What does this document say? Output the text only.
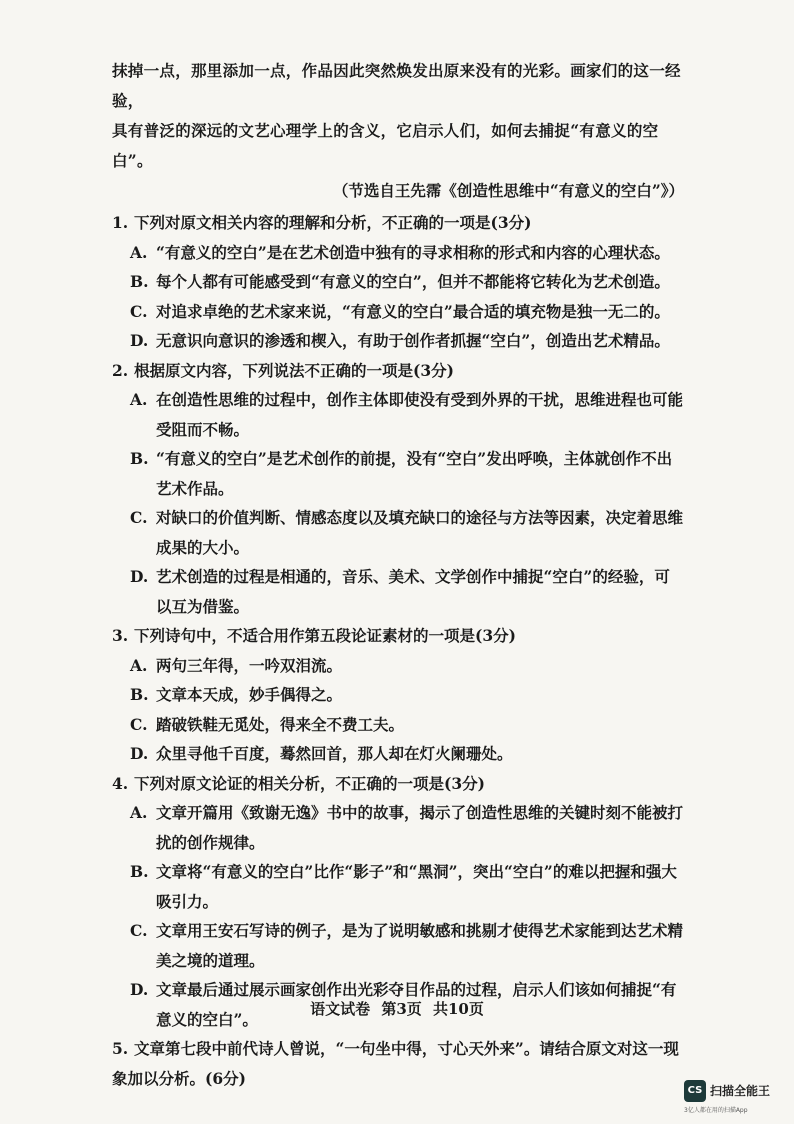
抹掉一点，那里添加一点，作品因此突然焕发出原来没有的光彩。画家们的这一经验，

具有普泛的深远的文艺心理学上的含义，它启示人们，如何去捕捉“有意义的空白”。

（节选自王先霈《创造性思维中“有意义的空白”》）

1. 下列对原文相关内容的理解和分析，不正确的一项是(3分)

A. “有意义的空白”是在艺术创造中独有的寻求相称的形式和内容的心理状态。

B. 每个人都有可能感受到“有意义的空白”，但并不都能将它转化为艺术创造。

C. 对追求卓绝的艺术家来说，“有意义的空白”最合适的填充物是独一无二的。

D. 无意识向意识的渗透和楔入，有助于创作者抓握“空白”，创造出艺术精品。

2. 根据原文内容，下列说法不正确的一项是(3分)

A. 在创造性思维的过程中，创作主体即使没有受到外界的干扰，思维进程也可能受阻而不畅。

B. “有意义的空白”是艺术创作的前提，没有“空白”发出呼唤，主体就创作不出艺术作品。

C. 对缺口的价值判断、情感态度以及填充缺口的途径与方法等因素，决定着思维成果的大小。

D. 艺术创造的过程是相通的，音乐、美术、文学创作中捕捉“空白”的经验，可以互为借鉴。

3. 下列诗句中，不适合用作第五段论证素材的一项是(3分)

A. 两句三年得，一吟双泪流。

B. 文章本天成，妙手偶得之。

C. 踏破铁鞋无觅处，得来全不费工夫。

D. 众里寻他千百度，蓦然回首，那人却在灯火阑珊处。

4. 下列对原文论证的相关分析，不正确的一项是(3分)

A. 文章开篇用《致谢无逸》书中的故事，揭示了创造性思维的关键时刻不能被打扰的创作规律。

B. 文章将“有意义的空白”比作“影子”和“黑洞”，突出“空白”的难以把握和强大吸引力。

C. 文章用王安石写诗的例子，是为了说明敏感和挑剔才使得艺术家能到达艺术精美之境的道理。

D. 文章最后通过展示画家创作出光彩夺目作品的过程，启示人们该如何捕捉“有意义的空白”。

5. 文章第七段中前代诗人曾说，“一句坐中得，寸心天外来”。请结合原文对这一现象加以分析。(6分)

语文试卷 第3页 共10页
CS 扫描全能王
3亿人都在用的扫描App
